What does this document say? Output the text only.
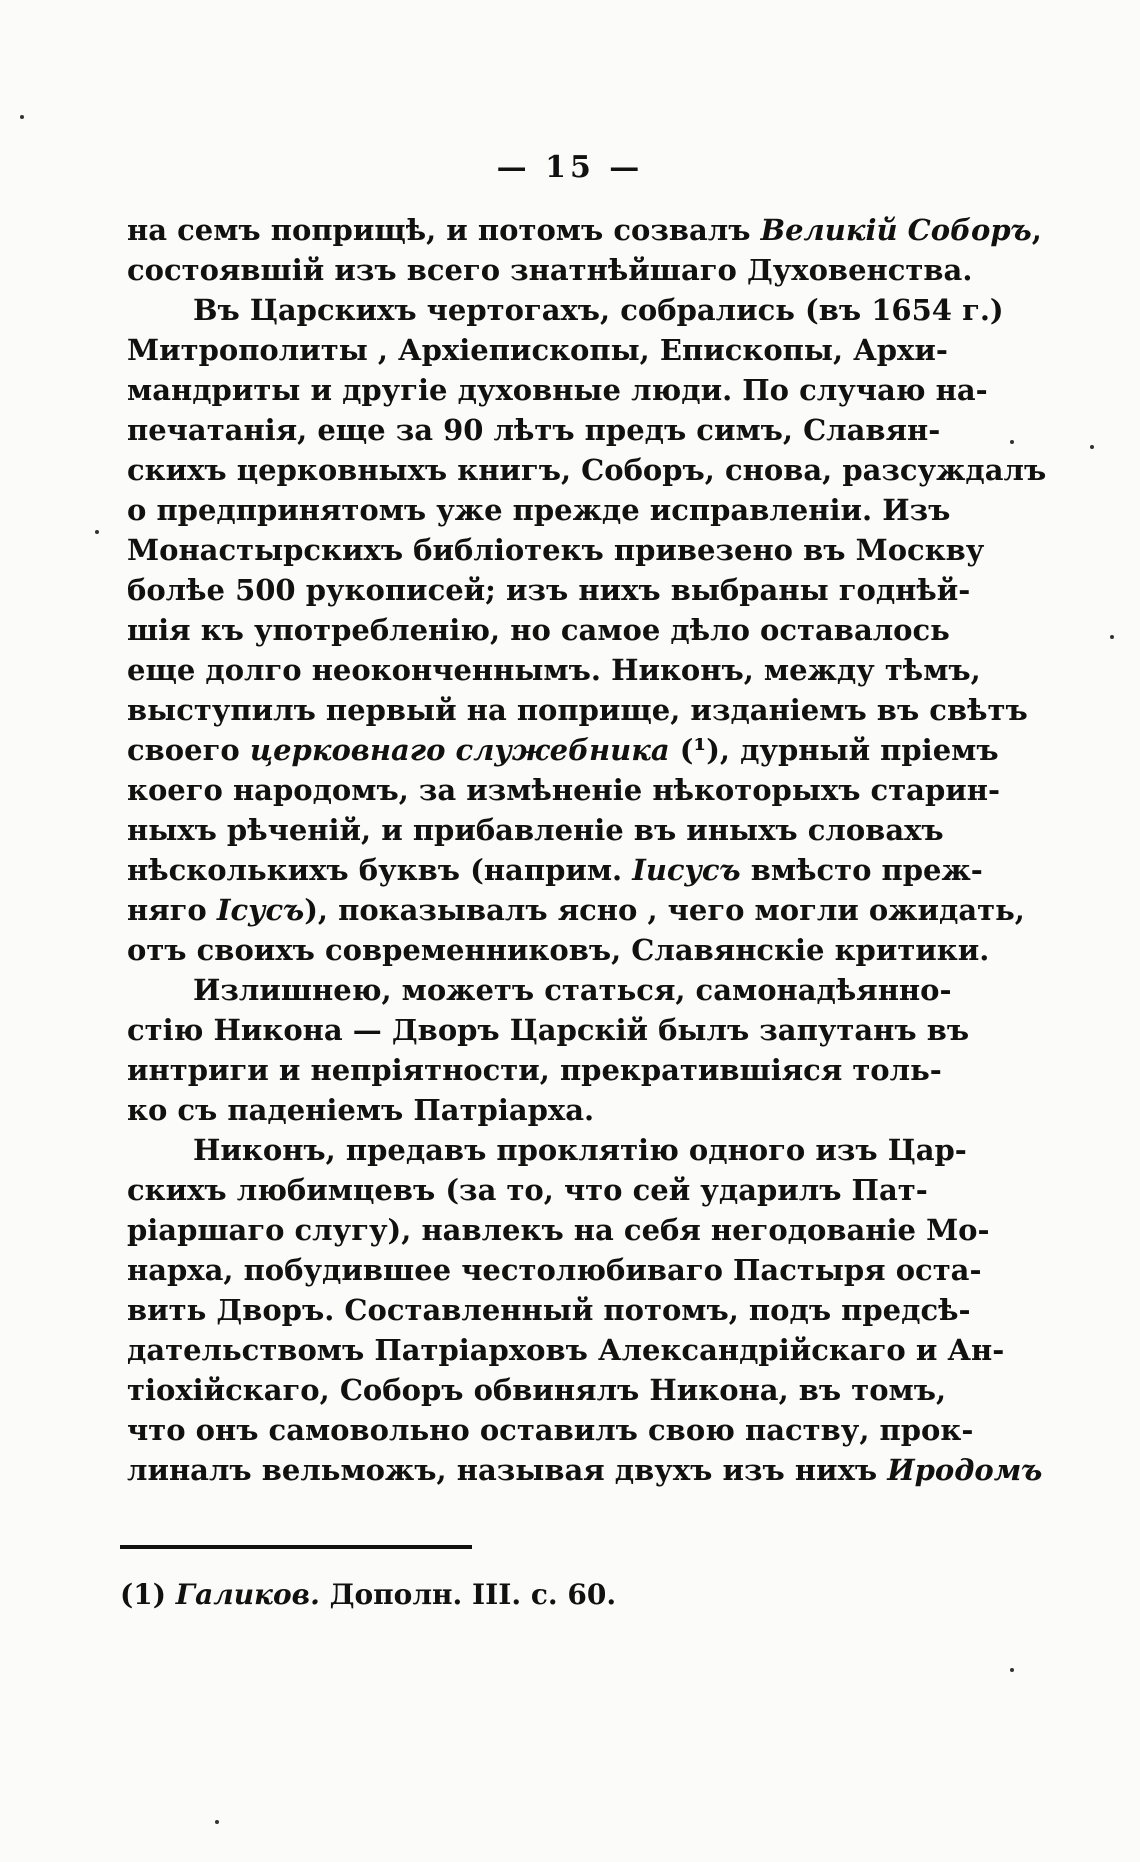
— 15 —
на семъ поприщѣ, и потомъ созвалъ Великій Соборъ,
состоявшій изъ всего знатнѣйшаго Духовенства.
Въ Царскихъ чертогахъ, собрались (въ 1654 г.)
Митрополиты , Архіепископы, Епископы, Архи-
мандриты и другіе духовные люди. По случаю на-
печатанія, еще за 90 лѣтъ предъ симъ, Славян-
скихъ церковныхъ книгъ, Соборъ, снова, разсуждалъ
о предпринятомъ уже прежде исправленіи. Изъ
Монастырскихъ библіотекъ привезено въ Москву
болѣе 500 рукописей; изъ нихъ выбраны годнѣй-
шія къ употребленію, но самое дѣло оставалось
еще долго неоконченнымъ. Никонъ, между тѣмъ,
выступилъ первый на поприще, изданіемъ въ свѣтъ
своего церковнаго служебника (¹), дурный пріемъ
коего народомъ, за измѣненіе нѣкоторыхъ старин-
ныхъ рѣченій, и прибавленіе въ иныхъ словахъ
нѣсколькихъ буквъ (наприм. Іисусъ вмѣсто преж-
няго Ісусъ), показывалъ ясно , чего могли ожидать,
отъ своихъ современниковъ, Славянскіе критики.
Излишнею, можетъ статься, самонадѣянно-
стію Никона — Дворъ Царскій былъ запутанъ въ
интриги и непріятности, прекратившіяся толь-
ко съ паденіемъ Патріарха.
Никонъ, предавъ проклятію одного изъ Цар-
скихъ любимцевъ (за то, что сей ударилъ Пат-
ріаршаго слугу), навлекъ на себя негодованіе Мо-
нарха, побудившее честолюбиваго Пастыря оста-
вить Дворъ. Составленный потомъ, подъ предсѣ-
дательствомъ Патріарховъ Александрійскаго и Ан-
тіохійскаго, Соборъ обвинялъ Никона, въ томъ,
что онъ самовольно оставилъ свою паству, прок-
линалъ вельможъ, называя двухъ изъ нихъ Иродомъ
(1) Галиков. Дополн. III. с. 60.
